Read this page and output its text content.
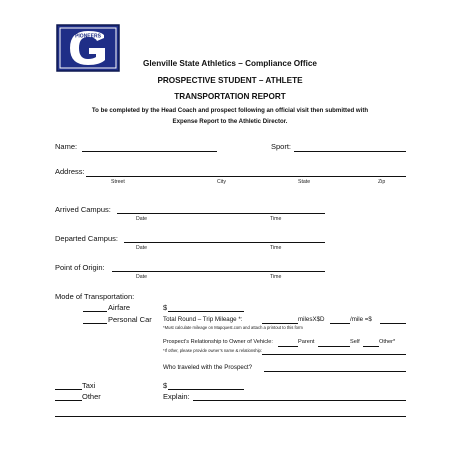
PIONEERS
Glenville State Athletics – Compliance Office
PROSPECTIVE STUDENT – ATHLETE
TRANSPORTATION REPORT
To be completed by the Head Coach and prospect following an official visit then submitted with
Expense Report to the Athletic Director.
Name:	Sport:
Address:
Street	City	State	Zip
Arrived Campus:
Date	Time
Departed Campus:
Date	Time
Point of Origin:
Date	Time
Mode of Transportation:
Airfare	$
Personal Car Total Round – Trip Mileage *:	milesX$D	/mile =$
*Must calculate mileage on Mapquest.com and attach a printout to this form
Prospect’s Relationship to Owner of Vehicle:	Parent	Self	Other*
*If other, please provide owner’s name & relationship:
Who traveled with the Prospect?
Taxi	$
Other	Explain:
